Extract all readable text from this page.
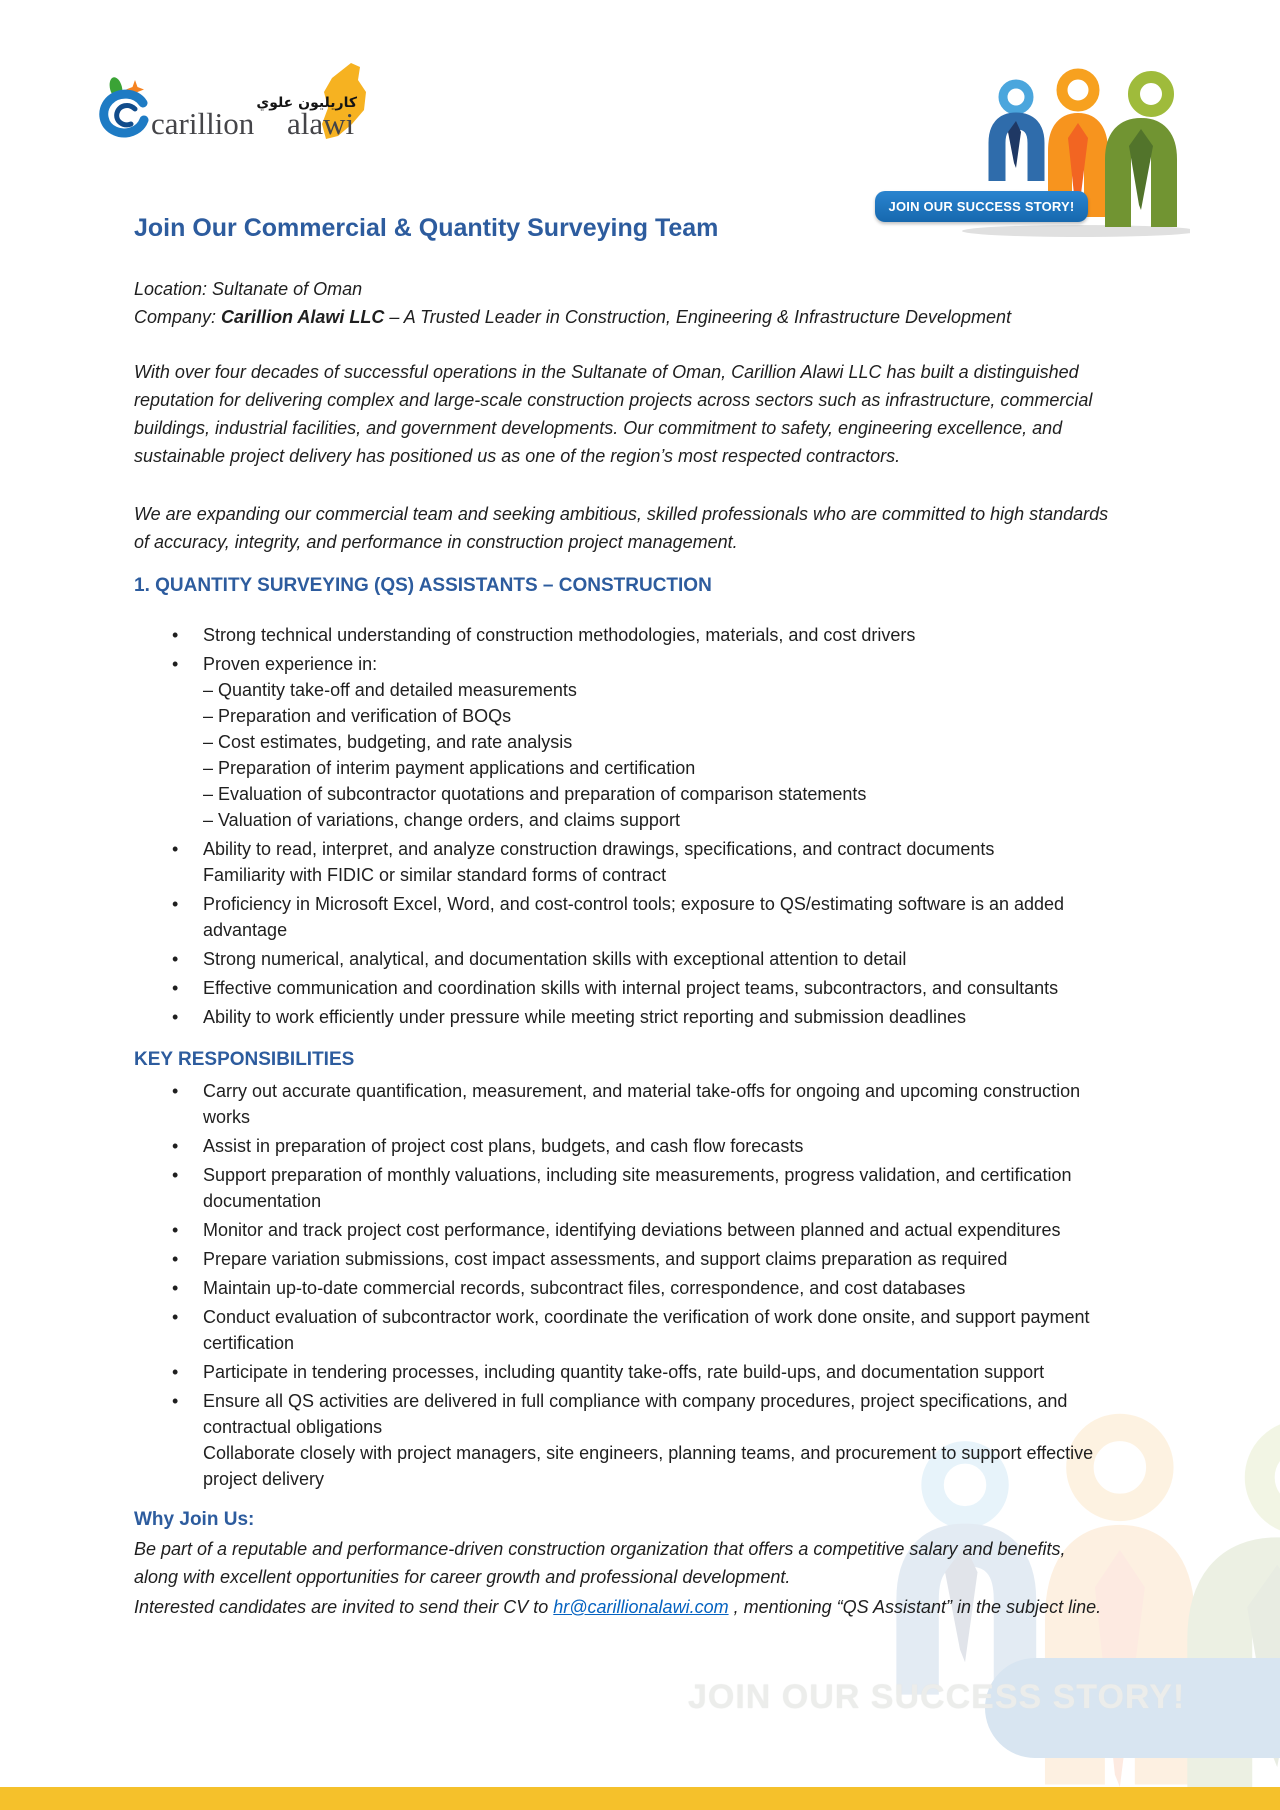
JOIN OUR SUCCESS STORY!
كاريليون علوي
carillion alawi
JOIN OUR SUCCESS STORY!
Join Our Commercial & Quantity Surveying Team

Location: Sultanate of Oman

Company: Carillion Alawi LLC – A Trusted Leader in Construction, Engineering & Infrastructure Development

With over four decades of successful operations in the Sultanate of Oman, Carillion Alawi LLC has built a distinguished reputation for delivering complex and large-scale construction projects across sectors such as infrastructure, commercial buildings, industrial facilities, and government developments. Our commitment to safety, engineering excellence, and sustainable project delivery has positioned us as one of the region’s most respected contractors.

We are expanding our commercial team and seeking ambitious, skilled professionals who are committed to high standards of accuracy, integrity, and performance in construction project management.

1. QUANTITY SURVEYING (QS) ASSISTANTS – CONSTRUCTION
• Strong technical understanding of construction methodologies, materials, and cost drivers
• Proven experience in:
– Quantity take-off and detailed measurements
– Preparation and verification of BOQs
– Cost estimates, budgeting, and rate analysis
– Preparation of interim payment applications and certification
– Evaluation of subcontractor quotations and preparation of comparison statements
– Valuation of variations, change orders, and claims support
• Ability to read, interpret, and analyze construction drawings, specifications, and contract documents
Familiarity with FIDIC or similar standard forms of contract
• Proficiency in Microsoft Excel, Word, and cost-control tools; exposure to QS/estimating software is an added advantage
• Strong numerical, analytical, and documentation skills with exceptional attention to detail
• Effective communication and coordination skills with internal project teams, subcontractors, and consultants
• Ability to work efficiently under pressure while meeting strict reporting and submission deadlines
KEY RESPONSIBILITIES
• Carry out accurate quantification, measurement, and material take-offs for ongoing and upcoming construction works
• Assist in preparation of project cost plans, budgets, and cash flow forecasts
• Support preparation of monthly valuations, including site measurements, progress validation, and certification documentation
• Monitor and track project cost performance, identifying deviations between planned and actual expenditures
• Prepare variation submissions, cost impact assessments, and support claims preparation as required
• Maintain up-to-date commercial records, subcontract files, correspondence, and cost databases
• Conduct evaluation of subcontractor work, coordinate the verification of work done onsite, and support payment certification
• Participate in tendering processes, including quantity take-offs, rate build-ups, and documentation support
• Ensure all QS activities are delivered in full compliance with company procedures, project specifications, and contractual obligations
Collaborate closely with project managers, site engineers, planning teams, and procurement to support effective project delivery
Why Join Us:

Be part of a reputable and performance-driven construction organization that offers a competitive salary and benefits, along with excellent opportunities for career growth and professional development.

Interested candidates are invited to send their CV to hr@carillionalawi.com , mentioning “QS Assistant” in the subject line.
